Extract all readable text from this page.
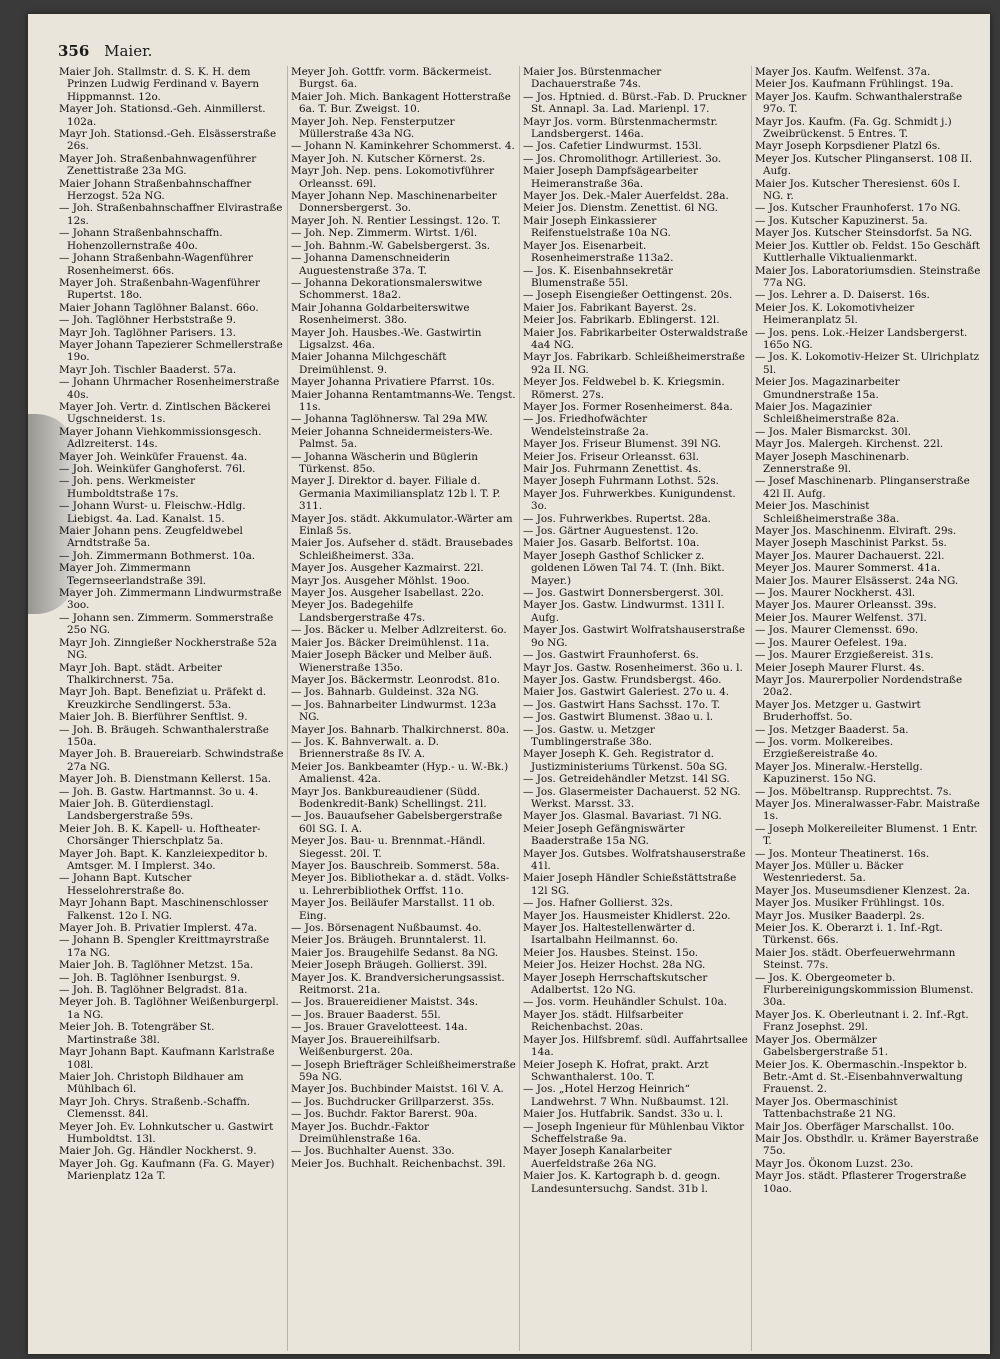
356 Maier.

Maier Joh. Stallmstr. d. S. K. H. dem Prinzen Ludwig Ferdinand v. Bayern Hippmannst. 12o.

Mayer Joh. Stationsd.-Geh. Ainmillerst. 102a.

Mayr Joh. Stationsd.-Geh. Elsässerstraße 26s.

Mayer Joh. Straßenbahnwagenführer Zenettistraße 23a MG.

Maier Johann Straßenbahnschaffner Herzogst. 52a NG.

— Joh. Straßenbahnschaffner Elvirastraße 12s.

— Johann Straßenbahnschaffn. Hohenzollernstraße 40o.

— Johann Straßenbahn-Wagenführer Rosenheimerst. 66s.

Mayer Joh. Straßenbahn-Wagenführer Rupertst. 18o.

Maier Johann Taglöhner Balanst. 66o.

— Joh. Taglöhner Herbststraße 9.

Mayr Joh. Taglöhner Parisers. 13.

Mayer Johann Tapezierer Schmellerstraße 19o.

Mayr Joh. Tischler Baaderst. 57a.

— Johann Uhrmacher Rosenheimerstraße 40s.

Mayer Joh. Vertr. d. Zintlschen Bäckerei Ugschneiderst. 1s.

Mayer Johann Viehkommissionsgesch. Adlzreiterst. 14s.

Mayer Joh. Weinküfer Frauenst. 4a.

— Joh. Weinküfer Ganghoferst. 76l.

— Joh. pens. Werkmeister Humboldtstraße 17s.

— Johann Wurst- u. Fleischw.-Hdlg. Liebigst. 4a. Lad. Kanalst. 15.

Maier Johann pens. Zeugfeldwebel Arndtstraße 5a.

— Joh. Zimmermann Bothmerst. 10a.

Mayer Joh. Zimmermann Tegernseerlandstraße 39l.

Mayer Joh. Zimmermann Lindwurmstraße 3oo.

— Johann sen. Zimmerm. Sommerstraße 25o NG.

Mayr Joh. Zinngießer Nockherstraße 52a NG.

Mayr Joh. Bapt. städt. Arbeiter Thalkirchnerst. 75a.

Mayr Joh. Bapt. Benefiziat u. Präfekt d. Kreuzkirche Sendlingerst. 53a.

Maier Joh. B. Bierführer Senftlst. 9.

— Joh. B. Bräugeh. Schwanthalerstraße 150a.

Mayer Joh. B. Brauereiarb. Schwindstraße 27a NG.

Mayer Joh. B. Dienstmann Kellerst. 15a.

— Joh. B. Gastw. Hartmannst. 3o u. 4.

Maier Joh. B. Güterdienstagl. Landsbergerstraße 59s.

Meier Joh. B. K. Kapell- u. Hoftheater-Chorsänger Thierschplatz 5a.

Mayer Joh. Bapt. K. Kanzleiexpeditor b. Amtsger. M. I Implerst. 34o.

— Johann Bapt. Kutscher Hesselohrerstraße 8o.

Mayr Johann Bapt. Maschinenschlosser Falkenst. 12o I. NG.

Mayer Joh. B. Privatier Implerst. 47a.

— Johann B. Spengler Kreittmayrstraße 17a NG.

Maier Joh. B. Taglöhner Metzst. 15a.

— Joh. B. Taglöhner Isenburgst. 9.

— Joh. B. Taglöhner Belgradst. 81a.

Meyer Joh. B. Taglöhner Weißenburgerpl. 1a NG.

Meier Joh. B. Totengräber St. Martinstraße 38l.

Mayr Johann Bapt. Kaufmann Karlstraße 108l.

Maier Joh. Christoph Bildhauer am Mühlbach 6l.

Mayr Joh. Chrys. Straßenb.-Schaffn. Clemensst. 84l.

Meyer Joh. Ev. Lohnkutscher u. Gastwirt Humboldtst. 13l.

Maier Joh. Gg. Händler Nockherst. 9.

Mayer Joh. Gg. Kaufmann (Fa. G. Mayer) Marienplatz 12a T.

Meyer Joh. Gottfr. vorm. Bäckermeist. Burgst. 6a.

Maier Joh. Mich. Bankagent Hotterstraße 6a. T. Bur. Zweigst. 10.

Mayer Joh. Nep. Fensterputzer Müllerstraße 43a NG.

— Johann N. Kaminkehrer Schommerst. 4.

Mayer Joh. N. Kutscher Körnerst. 2s.

Mayr Joh. Nep. pens. Lokomotivführer Orleansst. 69l.

Mayer Johann Nep. Maschinenarbeiter Donnersbergerst. 3o.

Mayer Joh. N. Rentier Lessingst. 12o. T.

— Joh. Nep. Zimmerm. Wirtst. 1/6l.

— Joh. Bahnm.-W. Gabelsbergerst. 3s.

— Johanna Damenschneiderin Auguestenstraße 37a. T.

— Johanna Dekorationsmalerswitwe Schommerst. 18a2.

Mair Johanna Goldarbeiterswitwe Rosenheimerst. 38o.

Mayer Joh. Hausbes.-We. Gastwirtin Ligsalzst. 46a.

Maier Johanna Milchgeschäft Dreimühlenst. 9.

Mayer Johanna Privatiere Pfarrst. 10s.

Maier Johanna Rentamtmanns-We. Tengst. 11s.

— Johanna Taglöhnersw. Tal 29a MW.

Meier Johanna Schneidermeisters-We. Palmst. 5a.

— Johanna Wäscherin und Büglerin Türkenst. 85o.

Mayer J. Direktor d. bayer. Filiale d. Germania Maximiliansplatz 12b l. T. P. 311.

Mayer Jos. städt. Akkumulator.-Wärter am Einlaß 5s.

Maier Jos. Aufseher d. städt. Brausebades Schleißheimerst. 33a.

Mayer Jos. Ausgeher Kazmairst. 22l.

Mayr Jos. Ausgeher Möhlst. 19oo.

Mayer Jos. Ausgeher Isabellast. 22o.

Meyer Jos. Badegehilfe Landsbergerstraße 47s.

— Jos. Bäcker u. Melber Adlzreiterst. 6o.

Maier Jos. Bäcker Dreimühlenst. 11a.

Maier Joseph Bäcker und Melber äuß. Wienerstraße 135o.

Mayer Jos. Bäckermstr. Leonrodst. 81o.

— Jos. Bahnarb. Guldeinst. 32a NG.

— Jos. Bahnarbeiter Lindwurmst. 123a NG.

Mayer Jos. Bahnarb. Thalkirchnerst. 80a.

— Jos. K. Bahnverwalt. a. D. Briennerstraße 8s IV. A.

Meier Jos. Bankbeamter (Hyp.- u. W.-Bk.) Amalienst. 42a.

Mayr Jos. Bankbureaudiener (Südd. Bodenkredit-Bank) Schellingst. 21l.

— Jos. Bauaufseher Gabelsbergerstraße 60l SG. I. A.

Meyer Jos. Bau- u. Brennmat.-Händl. Siegesst. 20l. T.

Mayer Jos. Bauschreib. Sommerst. 58a.

Meyer Jos. Bibliothekar a. d. städt. Volks- u. Lehrerbibliothek Orffst. 11o.

Mayer Jos. Beiläufer Marstallst. 11 ob. Eing.

— Jos. Börsenagent Nußbaumst. 4o.

Meier Jos. Bräugeh. Brunntalerst. 1l.

Maier Jos. Braugehilfe Sedanst. 8a NG.

Meier Joseph Bräugeh. Gollierst. 39l.

Mayer Jos. K. Brandversicherungsassist. Reitmorst. 21a.

— Jos. Brauereidiener Maistst. 34s.

— Jos. Brauer Baaderst. 55l.

— Jos. Brauer Gravelotteest. 14a.

Mayer Jos. Brauereihilfsarb. Weißenburgerst. 20a.

— Joseph Briefträger Schleißheimerstraße 59a NG.

Mayer Jos. Buchbinder Maistst. 16l V. A.

— Jos. Buchdrucker Grillparzerst. 35s.

— Jos. Buchdr. Faktor Barerst. 90a.

Mayer Jos. Buchdr.-Faktor Dreimühlenstraße 16a.

— Jos. Buchhalter Auenst. 33o.

Meier Jos. Buchhalt. Reichenbachst. 39l.

Maier Jos. Bürstenmacher Dachauerstraße 74s.

— Jos. Hptnied. d. Bürst.-Fab. D. Pruckner St. Annapl. 3a. Lad. Marienpl. 17.

Mayr Jos. vorm. Bürstenmachermstr. Landsbergerst. 146a.

— Jos. Cafetier Lindwurmst. 153l.

— Jos. Chromolithogr. Artilleriest. 3o.

Maier Joseph Dampfsägearbeiter Heimeranstraße 36a.

Mayer Jos. Dek.-Maler Auerfeldst. 28a.

Meier Jos. Dienstm. Zenettist. 6l NG.

Mair Joseph Einkassierer Reifenstuelstraße 10a NG.

Mayer Jos. Eisenarbeit. Rosenheimerstraße 113a2.

— Jos. K. Eisenbahnsekretär Blumenstraße 55l.

— Joseph Eisengießer Oettingenst. 20s.

Maier Jos. Fabrikant Bayerst. 2s.

Meier Jos. Fabrikarb. Eblingerst. 12l.

Maier Jos. Fabrikarbeiter Osterwaldstraße 4a4 NG.

Mayr Jos. Fabrikarb. Schleißheimerstraße 92a II. NG.

Meyer Jos. Feldwebel b. K. Kriegsmin. Römerst. 27s.

Mayer Jos. Former Rosenheimerst. 84a.

— Jos. Friedhofwächter Wendelsteinstraße 2a.

Mayer Jos. Friseur Blumenst. 39l NG.

Meier Jos. Friseur Orleansst. 63l.

Mair Jos. Fuhrmann Zenettist. 4s.

Mayer Joseph Fuhrmann Lothst. 52s.

Mayer Jos. Fuhrwerkbes. Kunigundenst. 3o.

— Jos. Fuhrwerkbes. Rupertst. 28a.

— Jos. Gärtner Auguestenst. 12o.

Maier Jos. Gasarb. Belfortst. 10a.

Mayer Joseph Gasthof Schlicker z. goldenen Löwen Tal 74. T. (Inh. Bikt. Mayer.)

— Jos. Gastwirt Donnersbergerst. 30l.

Mayer Jos. Gastw. Lindwurmst. 131l I. Aufg.

Mayer Jos. Gastwirt Wolfratshauserstraße 9o NG.

— Jos. Gastwirt Fraunhoferst. 6s.

Mayr Jos. Gastw. Rosenheimerst. 36o u. l.

Mayer Jos. Gastw. Frundsbergst. 46o.

Maier Jos. Gastwirt Galeriest. 27o u. 4.

— Jos. Gastwirt Hans Sachsst. 17o. T.

— Jos. Gastwirt Blumenst. 38ao u. l.

— Jos. Gastw. u. Metzger Tumblingerstraße 38o.

Mayer Joseph K. Geh. Registrator d. Justizministeriums Türkenst. 50a SG.

— Jos. Getreidehändler Metzst. 14l SG.

— Jos. Glasermeister Dachauerst. 52 NG. Werkst. Marsst. 33.

Mayer Jos. Glasmal. Bavariast. 7l NG.

Meier Joseph Gefängniswärter Baaderstraße 15a NG.

Mayer Jos. Gutsbes. Wolfratshauserstraße 41l.

Maier Joseph Händler Schießstättstraße 12l SG.

— Jos. Hafner Gollierst. 32s.

Mayer Jos. Hausmeister Khidlerst. 22o.

Mayer Jos. Haltestellenwärter d. Isartalbahn Heilmannst. 6o.

Meier Jos. Hausbes. Steinst. 15o.

Meier Jos. Heizer Hochst. 28a NG.

Mayer Joseph Herrschaftskutscher Adalbertst. 12o NG.

— Jos. vorm. Heuhändler Schulst. 10a.

Mayer Jos. städt. Hilfsarbeiter Reichenbachst. 20as.

Mayer Jos. Hilfsbremf. südl. Auffahrtsallee 14a.

Meier Joseph K. Hofrat, prakt. Arzt Schwanthalerst. 10o. T.

— Jos. „Hotel Herzog Heinrich“ Landwehrst. 7 Whn. Nußbaumst. 12l.

Maier Jos. Hutfabrik. Sandst. 33o u. l.

— Joseph Ingenieur für Mühlenbau Viktor Scheffelstraße 9a.

Mayer Joseph Kanalarbeiter Auerfeldstraße 26a NG.

Maier Jos. K. Kartograph b. d. geogn. Landesuntersuchg. Sandst. 31b l.

Mayer Jos. Kaufm. Welfenst. 37a.

Meier Jos. Kaufmann Frühlingst. 19a.

Mayer Jos. Kaufm. Schwanthalerstraße 97o. T.

Mayr Jos. Kaufm. (Fa. Gg. Schmidt j.) Zweibrückenst. 5 Entres. T.

Mayr Joseph Korpsdiener Platzl 6s.

Meyer Jos. Kutscher Plinganserst. 108 II. Aufg.

Maier Jos. Kutscher Theresienst. 60s I. NG. r.

— Jos. Kutscher Fraunhoferst. 17o NG.

— Jos. Kutscher Kapuzinerst. 5a.

Mayer Jos. Kutscher Steinsdorfst. 5a NG.

Meier Jos. Kuttler ob. Feldst. 15o Geschäft Kuttlerhalle Viktualienmarkt.

Maier Jos. Laboratoriumsdien. Steinstraße 77a NG.

— Jos. Lehrer a. D. Daiserst. 16s.

Meier Jos. K. Lokomotivheizer Heimeranplatz 5l.

— Jos. pens. Lok.-Heizer Landsbergerst. 165o NG.

— Jos. K. Lokomotiv-Heizer St. Ulrichplatz 5l.

Meier Jos. Magazinarbeiter Gmundnerstraße 15a.

Maier Jos. Magazinier Schleißheimerstraße 82a.

— Jos. Maler Bismarckst. 30l.

Mayr Jos. Malergeh. Kirchenst. 22l.

Mayer Joseph Maschinenarb. Zennerstraße 9l.

— Josef Maschinenarb. Plinganserstraße 42l II. Aufg.

Meier Jos. Maschinist Schleißheimerstraße 38a.

Mayer Jos. Maschinenm. Elviraft. 29s.

Mayer Joseph Maschinist Parkst. 5s.

Mayer Jos. Maurer Dachauerst. 22l.

Meyer Jos. Maurer Sommerst. 41a.

Maier Jos. Maurer Elsässerst. 24a NG.

— Jos. Maurer Nockherst. 43l.

Mayer Jos. Maurer Orleansst. 39s.

Meier Jos. Maurer Welfenst. 37l.

— Jos. Maurer Clemensst. 69o.

— Jos. Maurer Oefelest. 19a.

— Jos. Maurer Erzgießereist. 31s.

Meier Joseph Maurer Flurst. 4s.

Mayr Jos. Maurerpolier Nordendstraße 20a2.

Mayer Jos. Metzger u. Gastwirt Bruderhoffst. 5o.

— Jos. Metzger Baaderst. 5a.

— Jos. vorm. Molkereibes. Erzgießereistraße 4o.

Mayer Jos. Mineralw.-Herstellg. Kapuzinerst. 15o NG.

— Jos. Möbeltransp. Rupprechtst. 7s.

Mayer Jos. Mineralwasser-Fabr. Maistraße 1s.

— Joseph Molkereileiter Blumenst. 1 Entr. T.

— Jos. Monteur Theatinerst. 16s.

Mayer Jos. Müller u. Bäcker Westenriederst. 5a.

Mayer Jos. Museumsdiener Klenzest. 2a.

Mayer Jos. Musiker Frühlingst. 10s.

Mayr Jos. Musiker Baaderpl. 2s.

Meier Jos. K. Oberarzt i. 1. Inf.-Rgt. Türkenst. 66s.

Maier Jos. städt. Oberfeuerwehrmann Steinst. 77s.

— Jos. K. Obergeometer b. Flurbereinigungskommission Blumenst. 30a.

Mayer Jos. K. Oberleutnant i. 2. Inf.-Rgt. Franz Josephst. 29l.

Mayer Jos. Obermälzer Gabelsbergerstraße 51.

Meier Jos. K. Obermaschin.-Inspektor b. Betr.-Amt d. St.-Eisenbahnverwaltung Frauenst. 2.

Mayer Jos. Obermaschinist Tattenbachstraße 21 NG.

Mair Jos. Oberfäger Marschallst. 10o.

Mair Jos. Obsthdlr. u. Krämer Bayerstraße 75o.

Mayr Jos. Ökonom Luzst. 23o.

Mayr Jos. städt. Pflasterer Trogerstraße 10ao.
